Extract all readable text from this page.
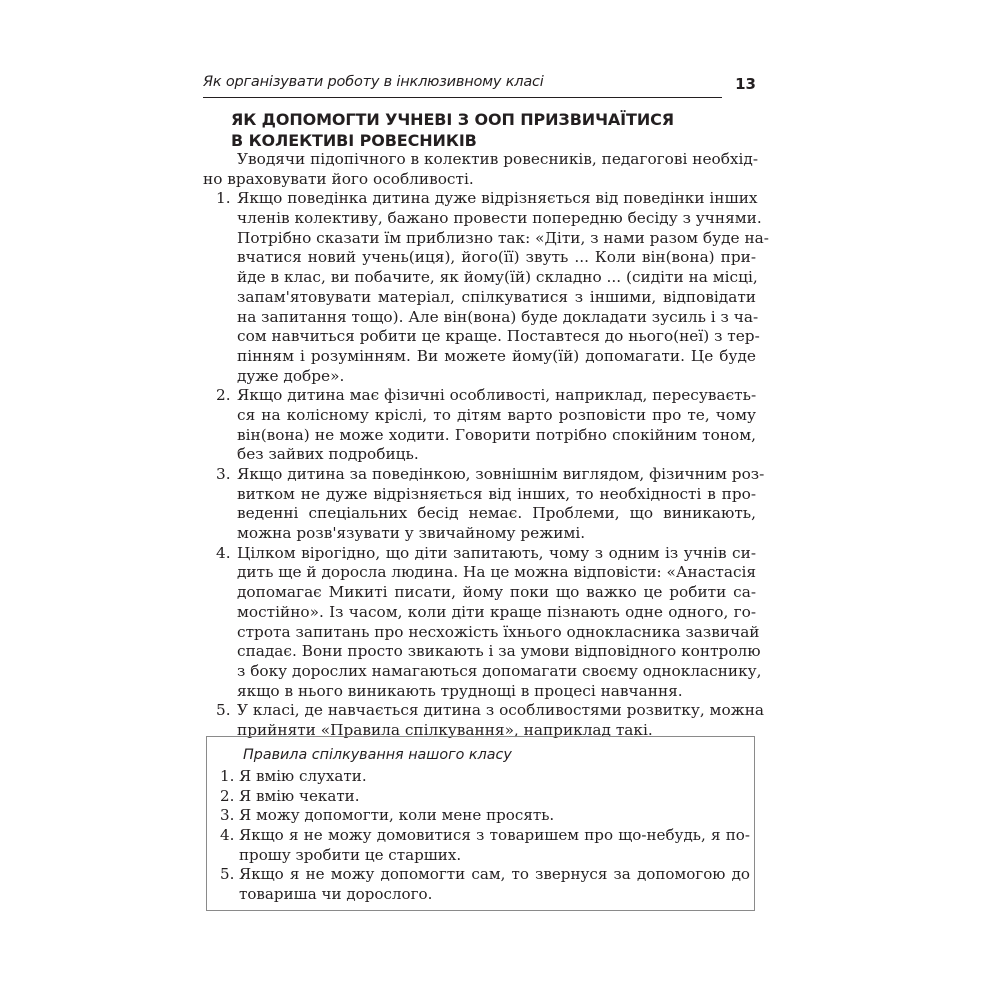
Як організувати роботу в інклюзивному класі	13
ЯК ДОПОМОГТИ УЧНЕВІ З ООП ПРИЗВИЧАЇТИСЯ
В КОЛЕКТИВІ РОВЕСНИКІВ
Уводячи підопічного в колектив ровесників, педагогові необхід-
но враховувати його особливості.
1. Якщо поведінка дитина дуже відрізняється від поведінки інших
членів колективу, бажано провести попередню бесіду з учнями.
Потрібно сказати їм приблизно так: «Діти, з нами разом буде на-
вчатися новий учень(иця), його(її) звуть ... Коли він(вона) при-
йде в клас, ви побачите, як йому(їй) складно ... (сидіти на місці,
запам'ятовувати матеріал, спілкуватися з іншими, відповідати
на запитання тощо). Але він(вона) буде докладати зусиль і з ча-
сом навчиться робити це краще. Поставтеся до нього(неї) з тер-
пінням і розумінням. Ви можете йому(їй) допомагати. Це буде
дуже добре».
2. Якщо дитина має фізичні особливості, наприклад, пересуваєть-
ся на колісному кріслі, то дітям варто розповісти про те, чому
він(вона) не може ходити. Говорити потрібно спокійним тоном,
без зайвих подробиць.
3. Якщо дитина за поведінкою, зовнішнім виглядом, фізичним роз-
витком не дуже відрізняється від інших, то необхідності в про-
веденні спеціальних бесід немає. Проблеми, що виникають,
можна розв'язувати у звичайному режимі.
4. Цілком вірогідно, що діти запитають, чому з одним із учнів си-
дить ще й доросла людина. На це можна відповісти: «Анастасія
допомагає Микиті писати, йому поки що важко це робити са-
мостійно». Із часом, коли діти краще пізнають одне одного, го-
строта запитань про несхожість їхнього однокласника зазвичай
спадає. Вони просто звикають і за умови відповідного контролю
з боку дорослих намагаються допомагати своєму однокласнику,
якщо в нього виникають труднощі в процесі навчання.
5. У класі, де навчається дитина з особливостями розвитку, можна
прийняти «Правила спілкування», наприклад такі.
Правила спілкування нашого класу
1. Я вмію слухати.
2. Я вмію чекати.
3. Я можу допомогти, коли мене просять.
4. Якщо я не можу домовитися з товаришем про що-небудь, я по-
прошу зробити це старших.
5. Якщо я не можу допомогти сам, то звернуся за допомогою до
товариша чи дорослого.
